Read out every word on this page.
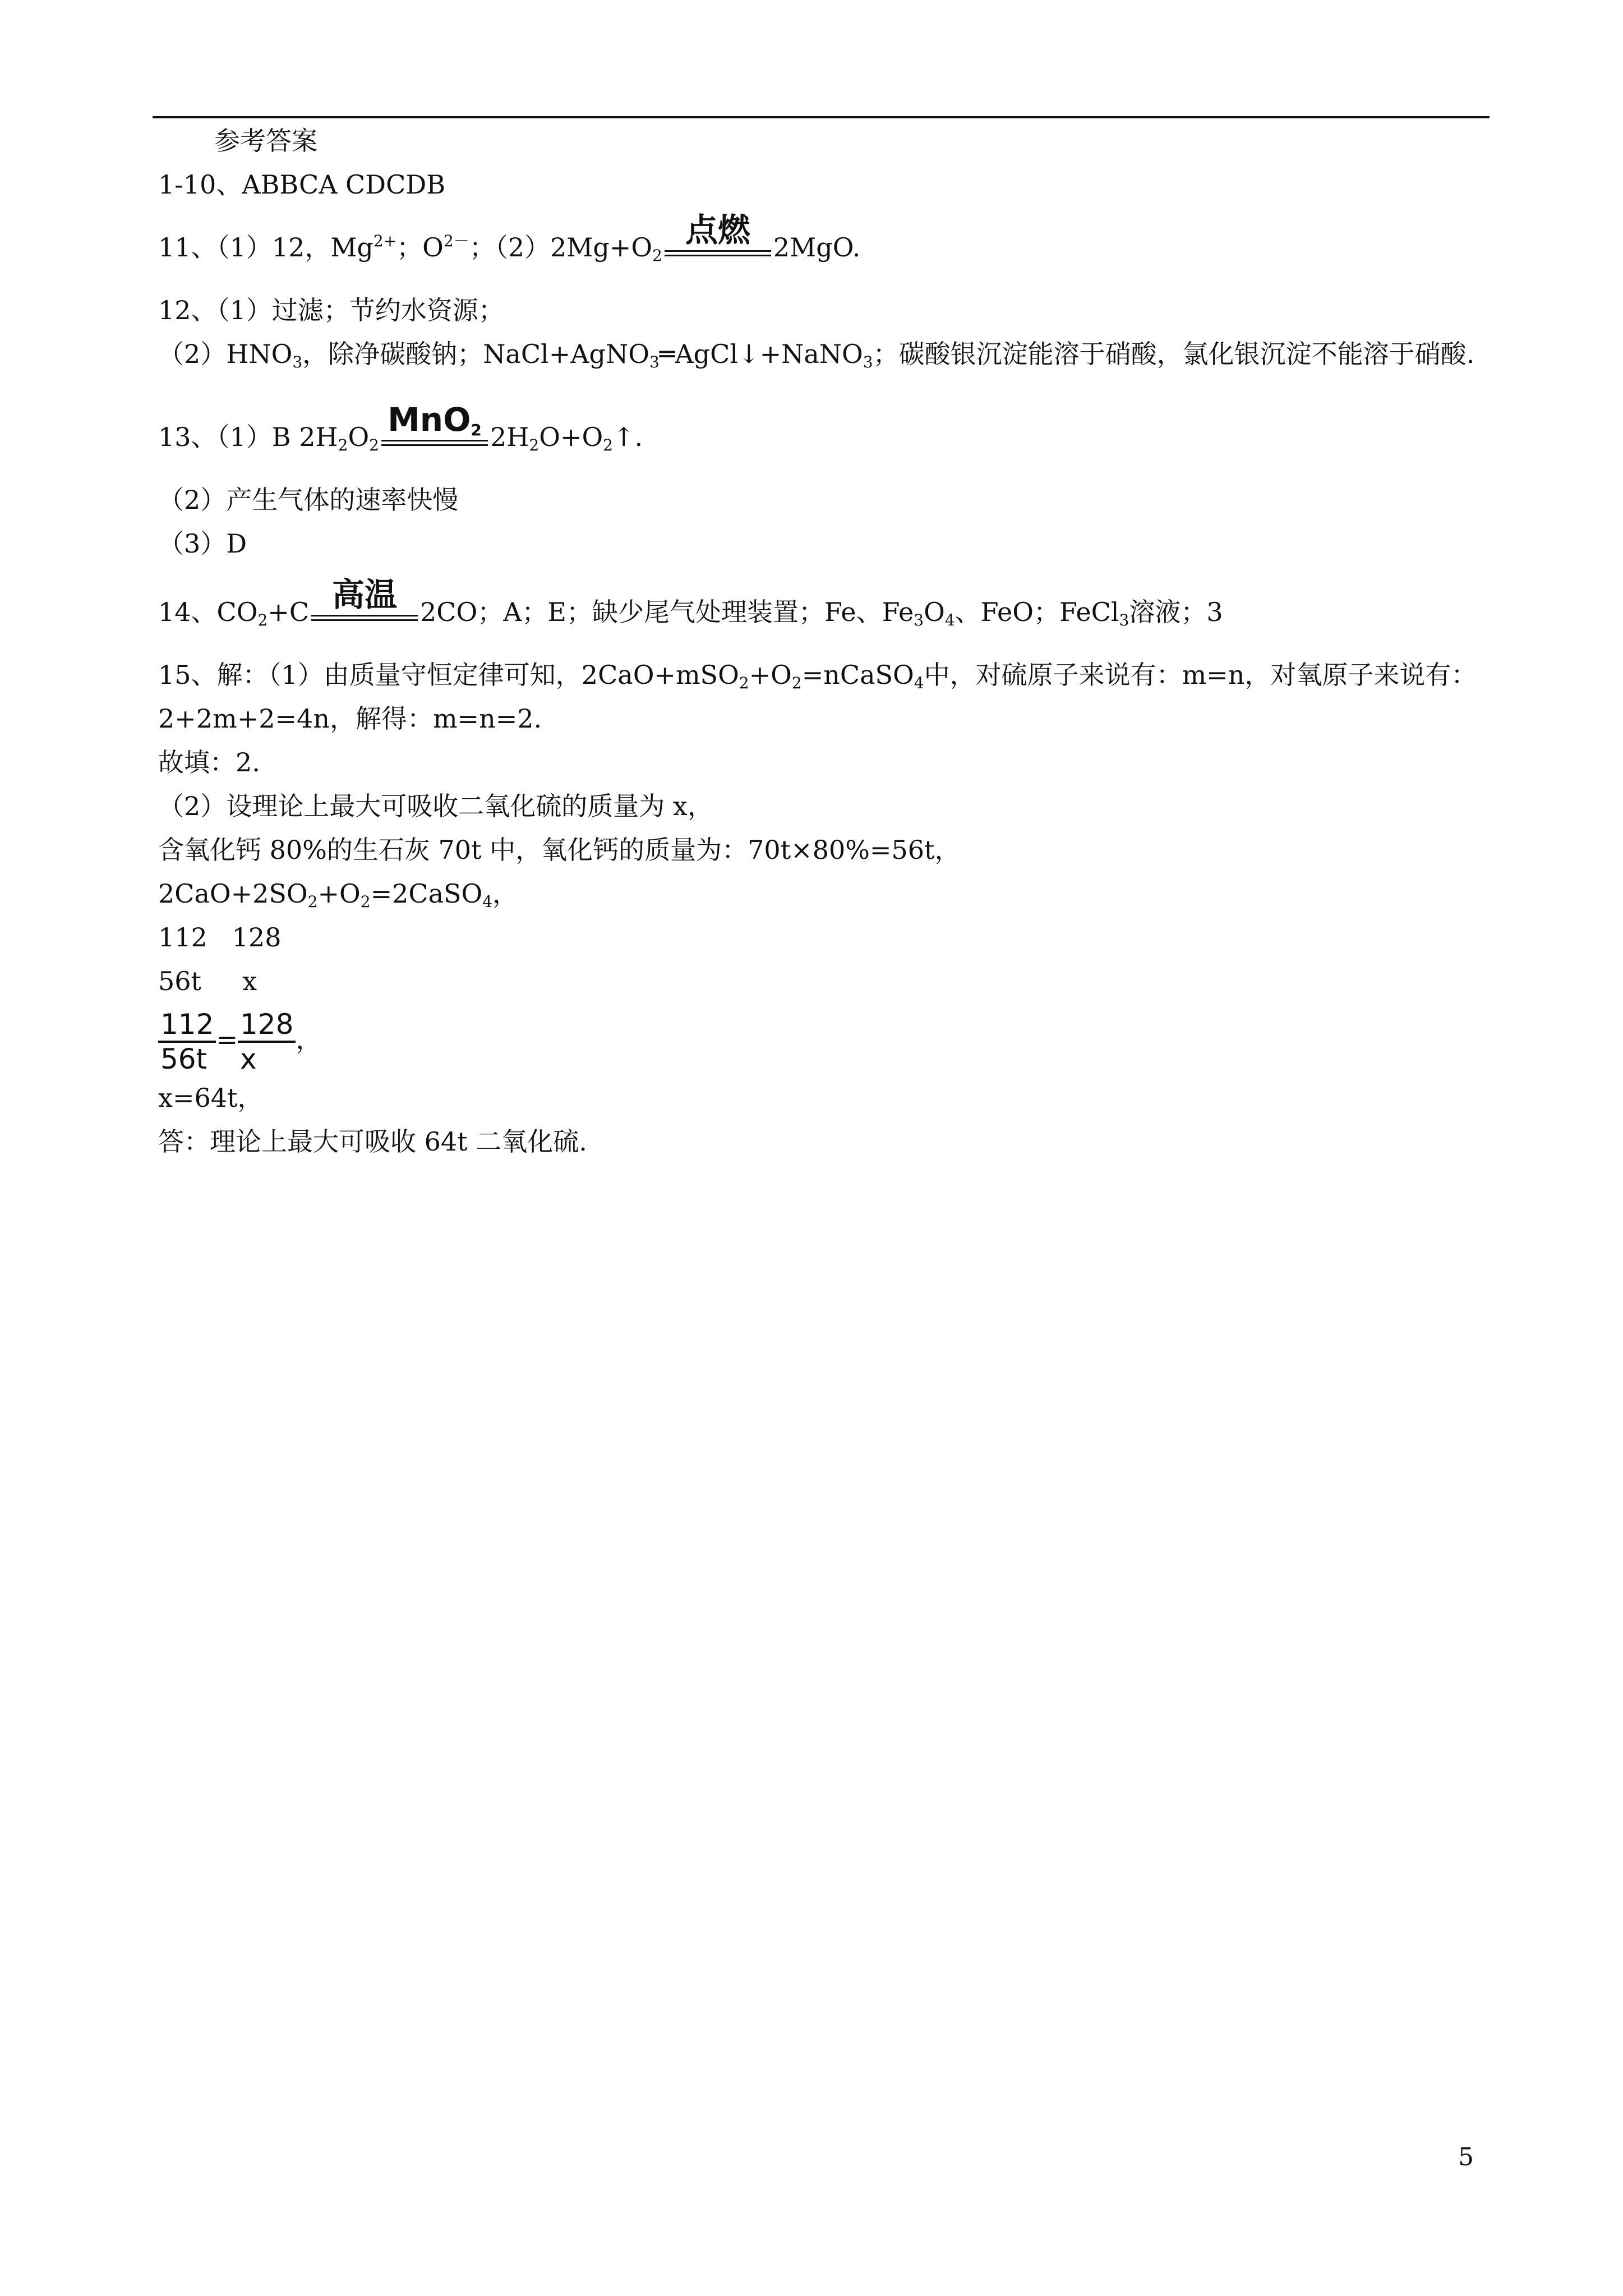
参考答案
1-10、ABBCA CDCDB
11、（1）12，$Mg^{2+}$；$O^{2-}$；$(2)2Mg+O_2$
点燃 2MgO.
12、（1）过滤；节约水资源；
$(2)HNO_3$，除净碳酸钠；NaCl+AgNO$_3$═AgCl↓+NaNO$_3$；碳酸银沉淀能溶于硝酸，氯化银沉淀不能溶于硝酸.
13、（1）B $2H_2O_2$
MnO$_2$ $2H_2O+O_2↑$.
（2）产生气体的速率快慢
（3）D
14、$CO_2+C$ 高温 2CO；A；E；缺少尾气处理装置；Fe、$Fe_3O_4$、FeO；FeCl$_3$溶液；3
15、解：（1）由质量守恒定律可知，$2CaO+mSO_2+O_2=nCaSO_4$中，对硫原子来说有：m=n，对氧原子来说有：2+2m+2=4n，解得：m=n=2.
故填：2.
（2）设理论上最大可吸收二氧化硫的质量为 x，
含氧化钙 80%的生石灰 70t 中，氧化钙的质量为：70t×80%=56t，
$2CaO+2SO_2+O_2=2CaSO_4$，
112   128
56t     x
$\frac{112}{56t} = \frac{128}{x}$ ，
x=64t，
答：理论上最大可吸收 64t 二氧化硫.
5
